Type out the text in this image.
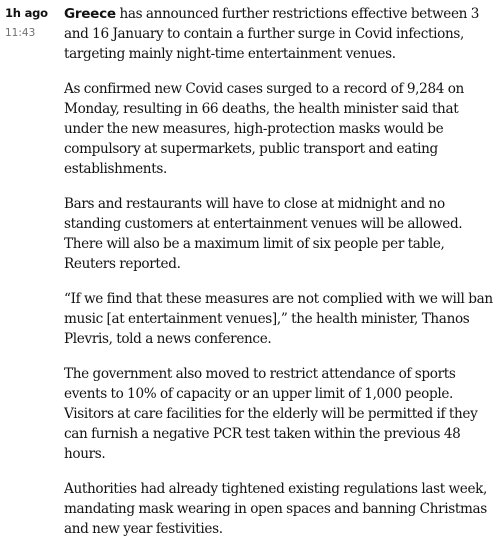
1h ago
11:43

Greece has announced further restrictions effective between 3 and 16 January to contain a further surge in Covid infections, targeting mainly night-time entertainment venues.

As confirmed new Covid cases surged to a record of 9,284 on Monday, resulting in 66 deaths, the health minister said that under the new measures, high-protection masks would be compulsory at supermarkets, public transport and eating establishments.

Bars and restaurants will have to close at midnight and no standing customers at entertainment venues will be allowed. There will also be a maximum limit of six people per table, Reuters reported.

“If we find that these measures are not complied with we will ban music [at entertainment venues],” the health minister, Thanos Plevris, told a news conference.

The government also moved to restrict attendance of sports events to 10% of capacity or an upper limit of 1,000 people. Visitors at care facilities for the elderly will be permitted if they can furnish a negative PCR test taken within the previous 48 hours.

Authorities had already tightened existing regulations last week, mandating mask wearing in open spaces and banning Christmas and new year festivities.
